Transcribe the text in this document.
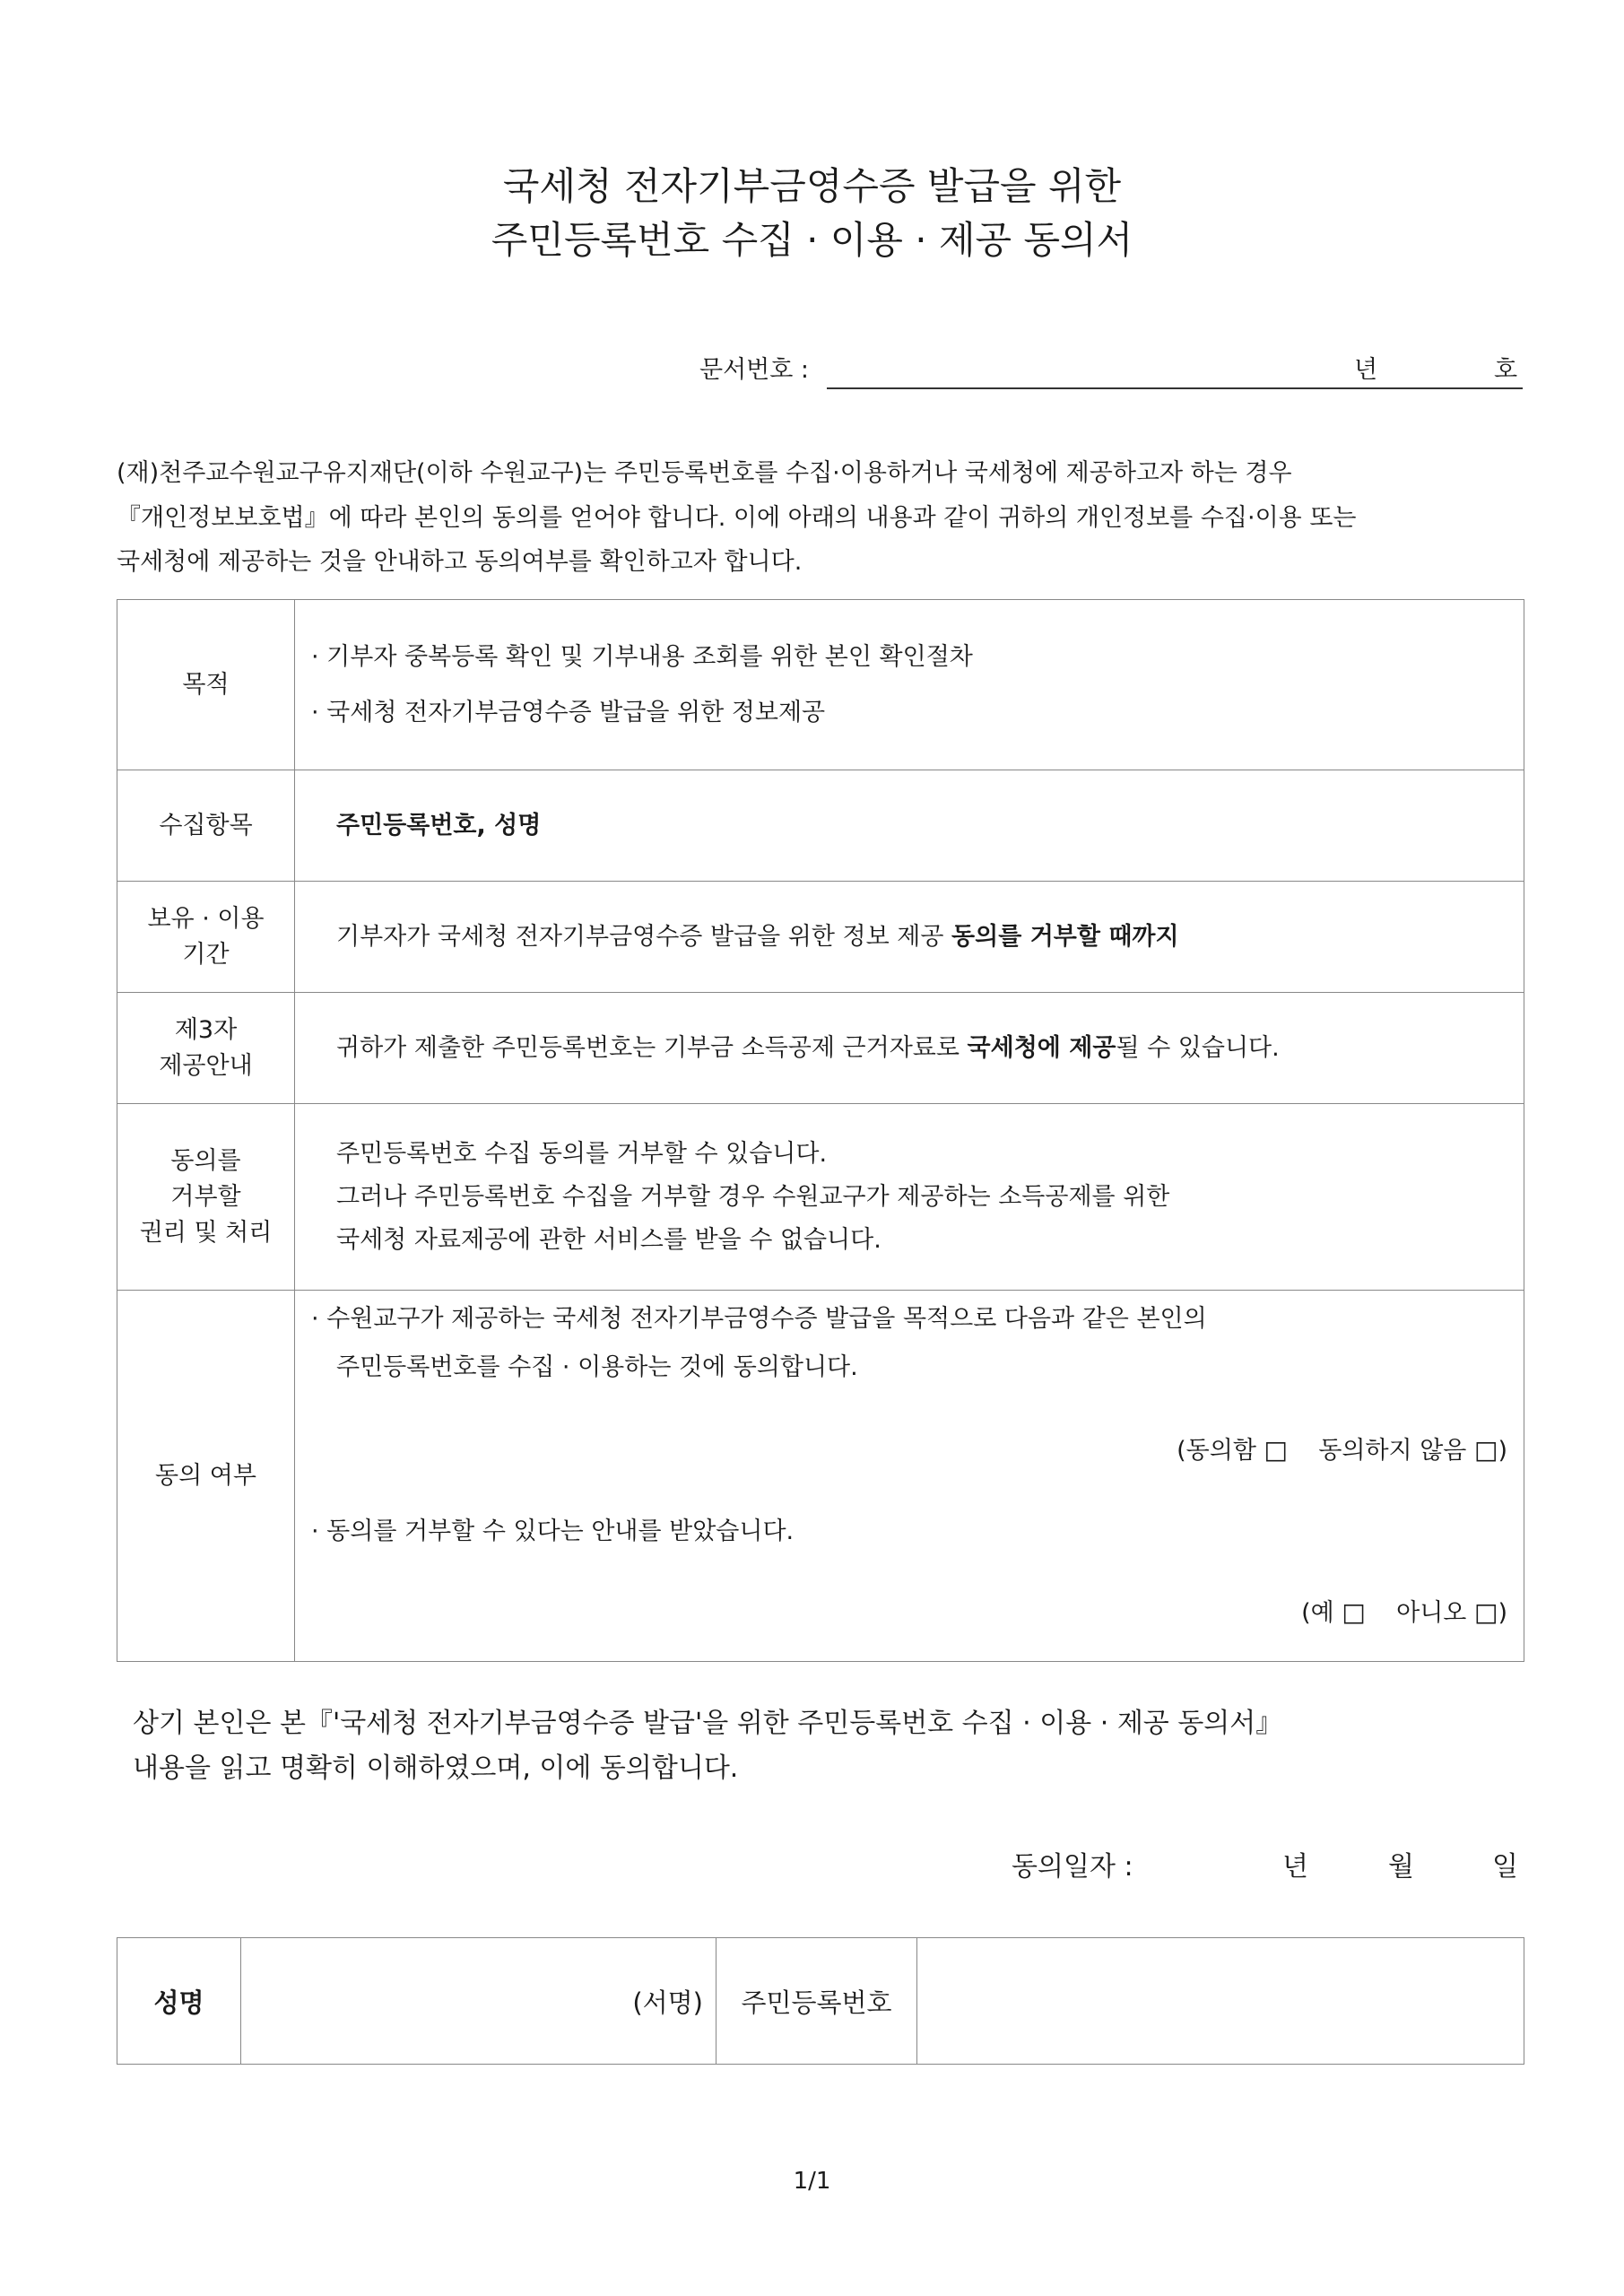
국세청 전자기부금영수증 발급을 위한
주민등록번호 수집 · 이용 · 제공 동의서
문서번호 :	년	호
(재)천주교수원교구유지재단(이하 수원교구)는 주민등록번호를 수집·이용하거나 국세청에 제공하고자 하는 경우
『개인정보보호법』에 따라 본인의 동의를 얻어야 합니다. 이에 아래의 내용과 같이 귀하의 개인정보를 수집·이용 또는
국세청에 제공하는 것을 안내하고 동의여부를 확인하고자 합니다.
목적	· 기부자 중복등록 확인 및 기부내용 조회를 위한 본인 확인절차
· 국세청 전자기부금영수증 발급을 위한 정보제공

수집항목	주민등록번호, 성명

보유 · 이용
기간	기부자가 국세청 전자기부금영수증 발급을 위한 정보 제공 동의를 거부할 때까지

제3자
제공안내	귀하가 제출한 주민등록번호는 기부금 소득공제 근거자료로 국세청에 제공될 수 있습니다.

동의를
거부할
권리 및 처리	주민등록번호 수집 동의를 거부할 수 있습니다.
그러나 주민등록번호 수집을 거부할 경우 수원교구가 제공하는 소득공제를 위한
국세청 자료제공에 관한 서비스를 받을 수 없습니다.

동의 여부	· 수원교구가 제공하는 국세청 전자기부금영수증 발급을 목적으로 다음과 같은 본인의
주민등록번호를 수집 · 이용하는 것에 동의합니다.
(동의함 □ 동의하지 않음 □)
· 동의를 거부할 수 있다는 안내를 받았습니다.
(예 □ 아니오 □)
상기 본인은 본『'국세청 전자기부금영수증 발급'을 위한 주민등록번호 수집 · 이용 · 제공 동의서』
내용을 읽고 명확히 이해하였으며, 이에 동의합니다.
동의일자 :	년	월	일
성명	(서명)	주민등록번호	
1/1
